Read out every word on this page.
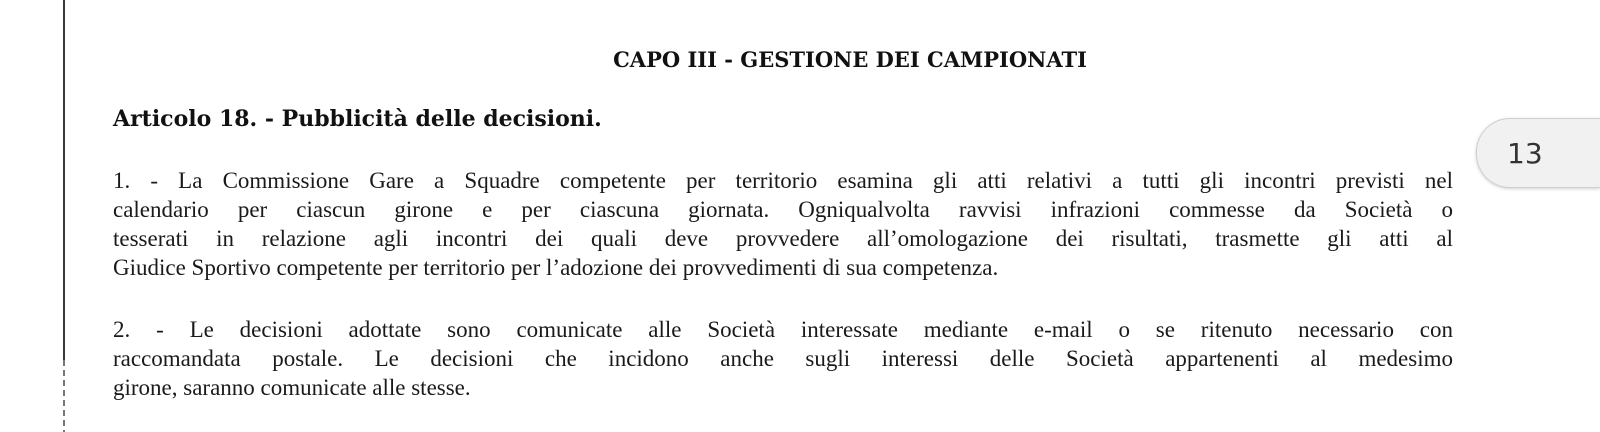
CAPO III - GESTIONE DEI CAMPIONATI
Articolo 18. - Pubblicità delle decisioni.

1. - La Commissione Gare a Squadre competente per territorio esamina gli atti relativi a tutti gli incontri previsti nel
calendario per ciascun girone e per ciascuna giornata. Ogniqualvolta ravvisi infrazioni commesse da Società o
tesserati in relazione agli incontri dei quali deve provvedere all’omologazione dei risultati, trasmette gli atti al
Giudice Sportivo competente per territorio per l’adozione dei provvedimenti di sua competenza.

2. - Le decisioni adottate sono comunicate alle Società interessate mediante e-mail o se ritenuto necessario con
raccomandata postale. Le decisioni che incidono anche sugli interessi delle Società appartenenti al medesimo
girone, saranno comunicate alle stesse.

13
